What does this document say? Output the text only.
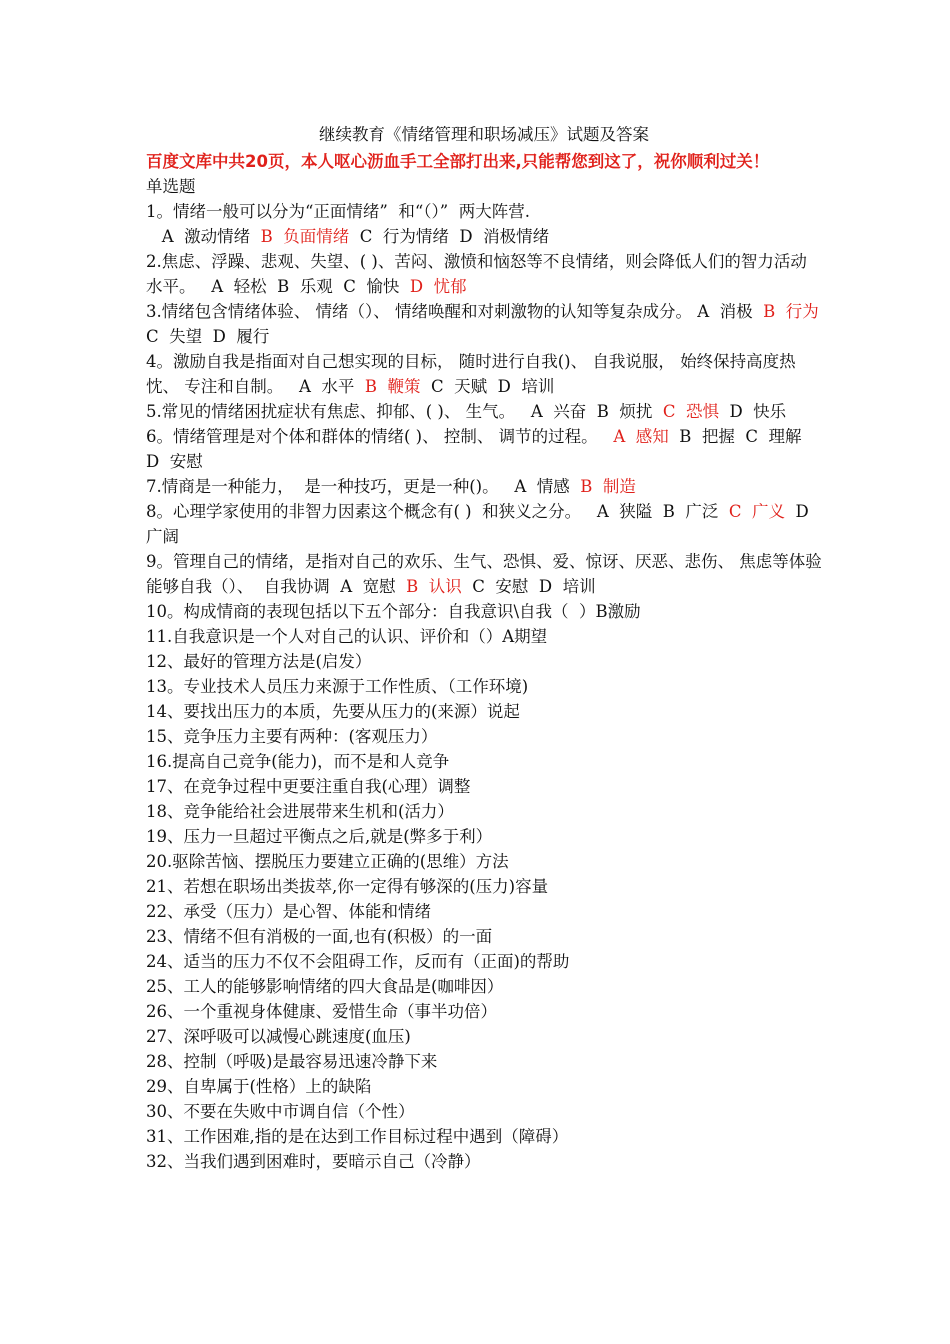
继续教育《情绪管理和职场减压》试题及答案

百度文库中共20页，本人呕心沥血手工全部打出来,只能帮您到这了，祝你顺利过关！

单选题

1。情绪一般可以分为“正面情绪”  和“（）”  两大阵营.
A  激动情绪  B  负面情绪  C  行为情绪  D  消极情绪

2.焦虑、浮躁、悲观、失望、( )、苦闷、激愤和恼怒等不良情绪，则会降低人们的智力活动水平。   A  轻松  B  乐观  C  愉快  D  忧郁

3.情绪包含情绪体验、 情绪（）、 情绪唤醒和对刺激物的认知等复杂成分。 A  消极  B  行为  C  失望  D  履行

4。激励自我是指面对自己想实现的目标， 随时进行自我()、 自我说服， 始终保持高度热忱、 专注和自制。   A  水平  B  鞭策  C  天赋  D  培训

5.常见的情绪困扰症状有焦虑、抑郁、( )、 生气。   A  兴奋  B  烦扰  C  恐惧  D  快乐

6。情绪管理是对个体和群体的情绪( )、 控制、 调节的过程。   A  感知  B  把握  C  理解  D  安慰

7.情商是一种能力，  是一种技巧，更是一种()。   A  情感  B  制造

8。心理学家使用的非智力因素这个概念有( )  和狭义之分。   A  狭隘  B  广泛  C  广义  D  广阔

9。管理自己的情绪，是指对自己的欢乐、生气、恐惧、爱、惊讶、厌恶、悲伤、 焦虑等体验能够自我（）、  自我协调  A  宽慰  B  认识  C  安慰  D  培训

10。构成情商的表现包括以下五个部分：自我意识\自我（  ）B激励

11.自我意识是一个人对自己的认识、评价和（）A期望

12、最好的管理方法是(启发）

13。专业技术人员压力来源于工作性质、（工作环境)

14、要找出压力的本质，先要从压力的(来源）说起

15、竞争压力主要有两种：(客观压力）

16.提高自己竞争(能力)，而不是和人竞争

17、在竞争过程中更要注重自我(心理）调整

18、竞争能给社会进展带来生机和(活力）

19、压力一旦超过平衡点之后,就是(弊多于利）

20.驱除苦恼、摆脱压力要建立正确的(思维）方法

21、若想在职场出类拔萃,你一定得有够深的(压力)容量

22、承受（压力）是心智、体能和情绪

23、情绪不但有消极的一面,也有(积极）的一面

24、适当的压力不仅不会阻碍工作，反而有（正面)的帮助

25、工人的能够影响情绪的四大食品是(咖啡因）

26、一个重视身体健康、爱惜生命（事半功倍）

27、深呼吸可以减慢心跳速度(血压)

28、控制（呼吸)是最容易迅速冷静下来

29、自卑属于(性格）上的缺陷

30、不要在失败中市调自信（个性）

31、工作困难,指的是在达到工作目标过程中遇到（障碍）

32、当我们遇到困难时，要暗示自己（冷静）
